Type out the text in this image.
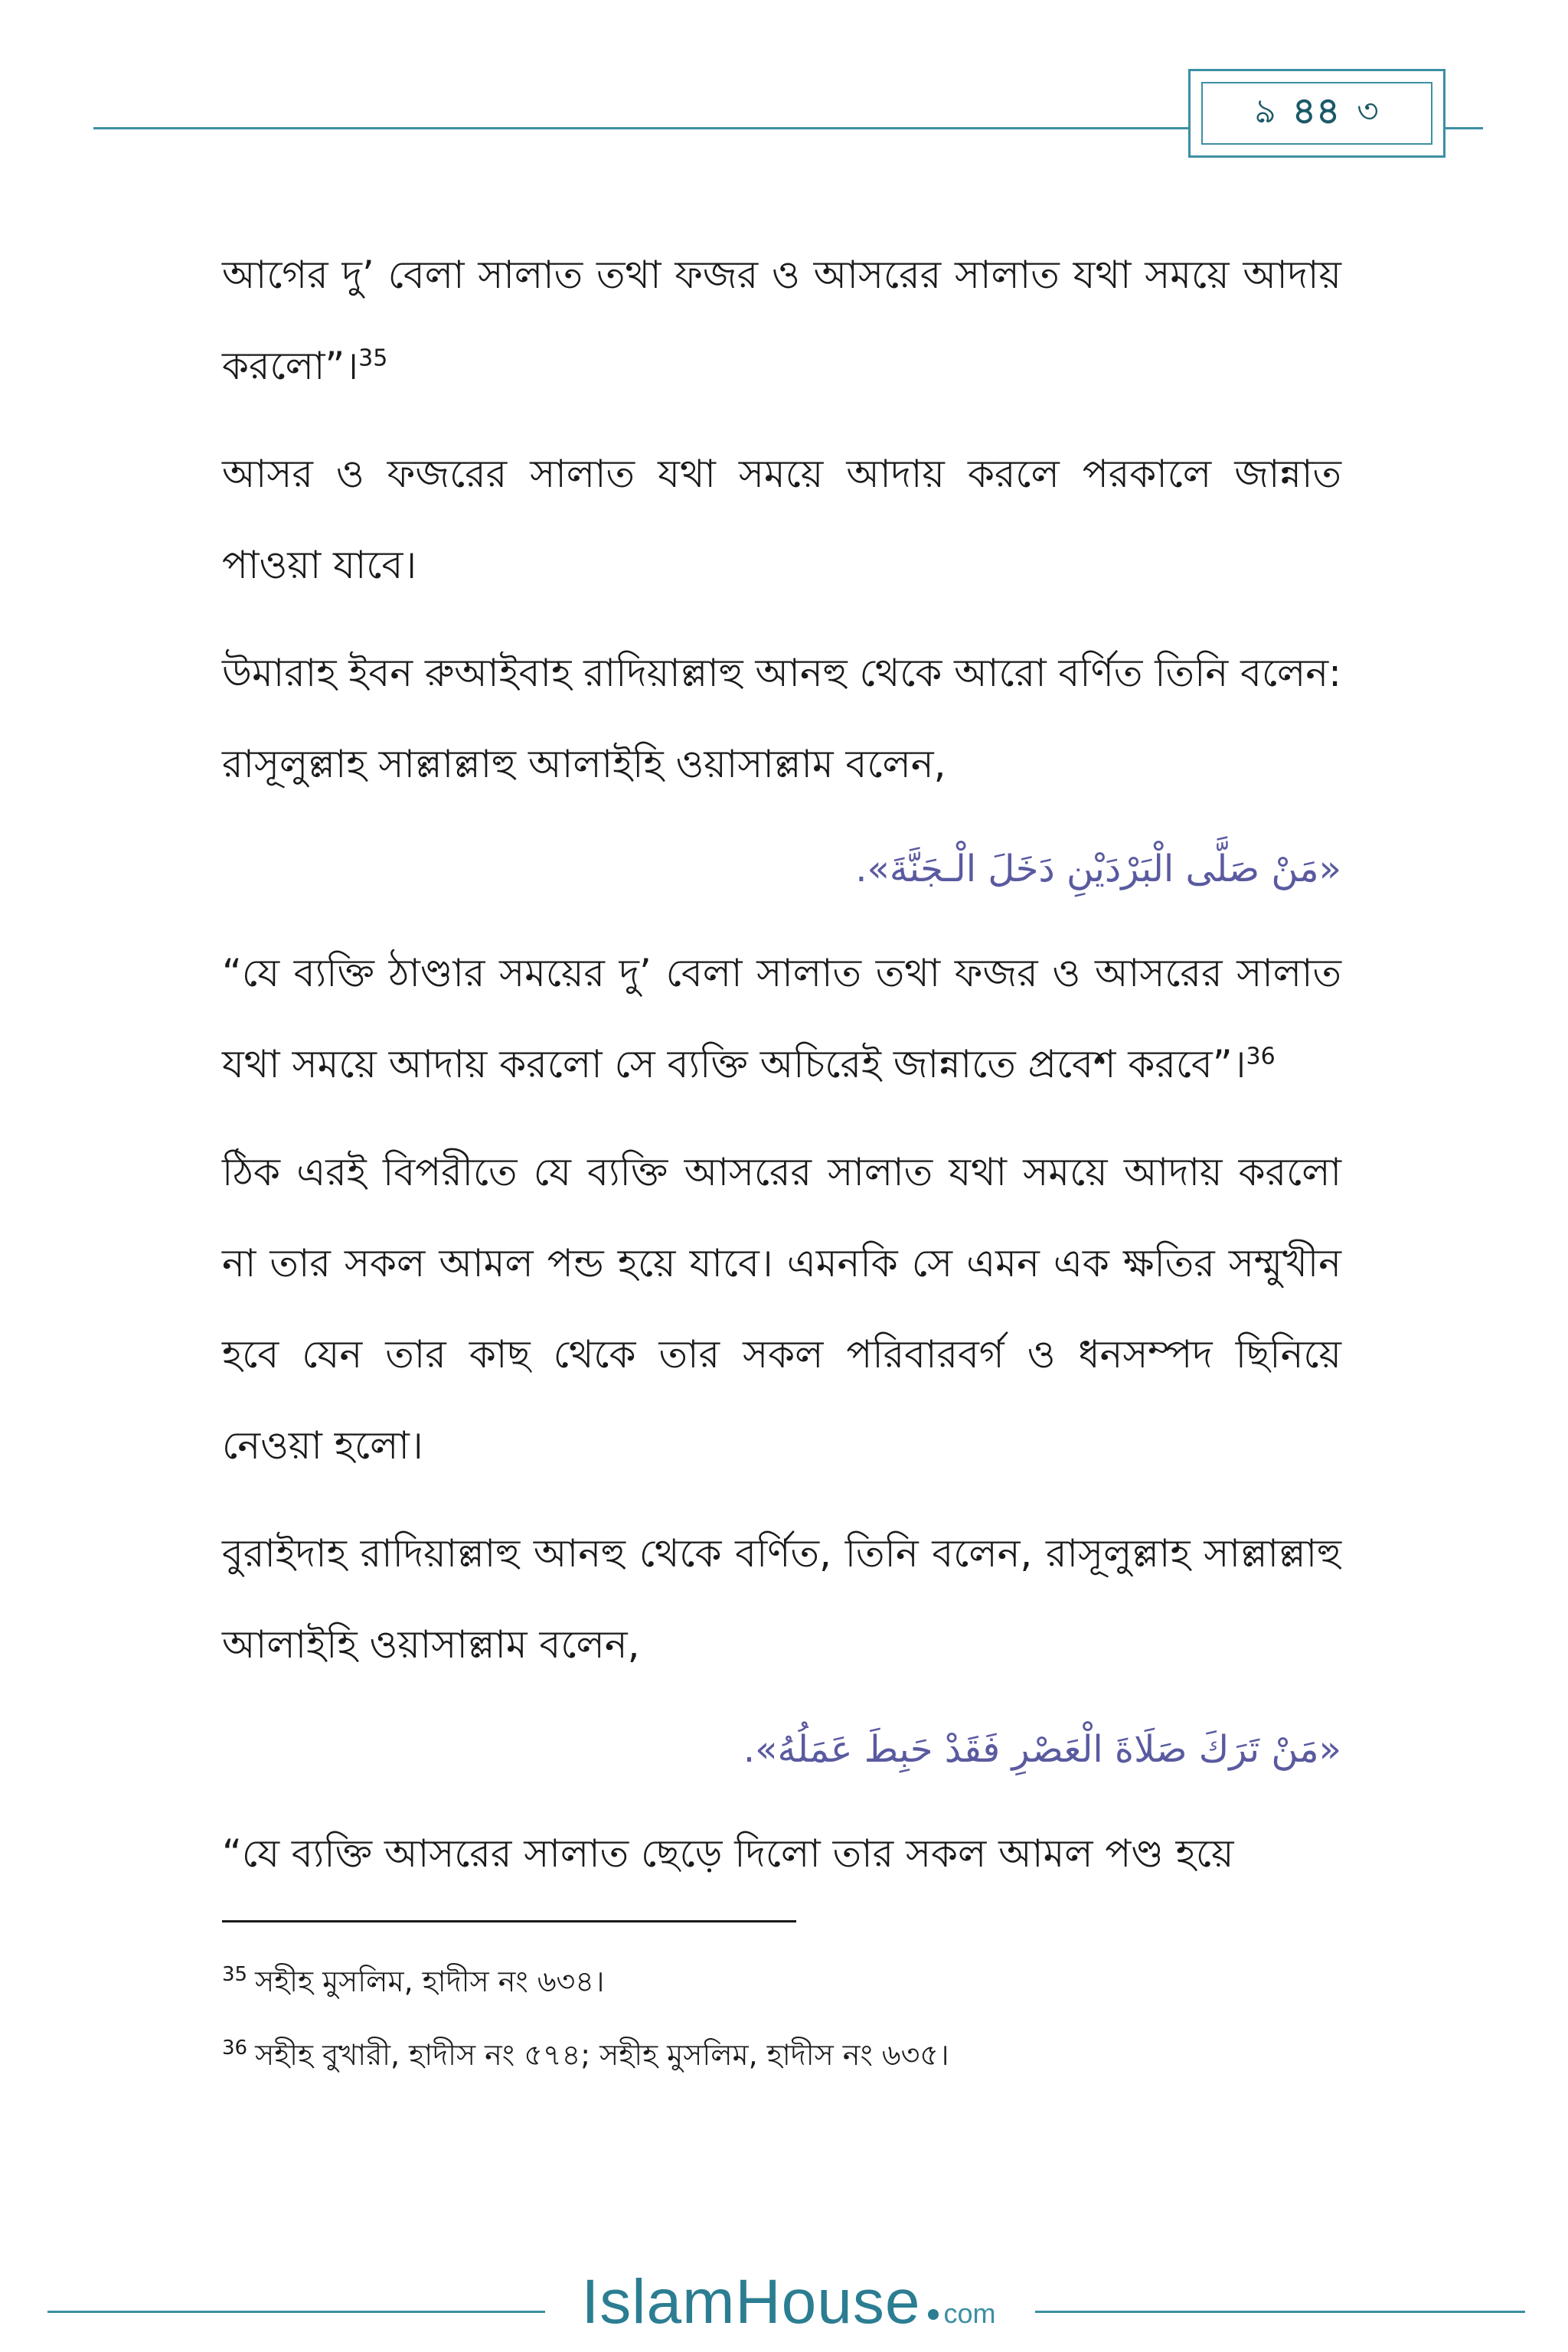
ঌ ৪৪ ৩

আগের দু’ বেলা সালাত তথা ফজর ও আসরের সালাত যথা সময়ে আদায় করলো”।$^{35}$

আসর ও ফজরের সালাত যথা সময়ে আদায় করলে পরকালে জান্নাত পাওয়া যাবে।

উমারাহ ইবন রুআইবাহ রাদিয়াল্লাহু আনহু থেকে আরো বর্ণিত তিনি বলেন: রাসূলুল্লাহ সাল্লাল্লাহু আলাইহি ওয়াসাল্লাম বলেন,

«مَنْ صَلَّى الْبَرْدَيْنِ دَخَلَ الْـجَنَّةَ».

“যে ব্যক্তি ঠাণ্ডার সময়ের দু’ বেলা সালাত তথা ফজর ও আসরের সালাত যথা সময়ে আদায় করলো সে ব্যক্তি অচিরেই জান্নাতে প্রবেশ করবে”।$^{36}$

ঠিক এরই বিপরীতে যে ব্যক্তি আসরের সালাত যথা সময়ে আদায় করলো না তার সকল আমল পন্ড হয়ে যাবে। এমনকি সে এমন এক ক্ষতির সম্মুখীন হবে যেন তার কাছ থেকে তার সকল পরিবারবর্গ ও ধনসম্পদ ছিনিয়ে নেওয়া হলো।

বুরাইদাহ রাদিয়াল্লাহু আনহু থেকে বর্ণিত, তিনি বলেন, রাসূলুল্লাহ সাল্লাল্লাহু আলাইহি ওয়াসাল্লাম বলেন,

«مَنْ تَرَكَ صَلَاةَ الْعَصْرِ فَقَدْ حَبِطَ عَمَلُهُ».

“যে ব্যক্তি আসরের সালাত ছেড়ে দিলো তার সকল আমল পণ্ড হয়ে

$^{35}$ সহীহ মুসলিম, হাদীস নং ৬৩৪।
$^{36}$ সহীহ বুখারী, হাদীস নং ৫৭৪; সহীহ মুসলিম, হাদীস নং ৬৩৫।
IslamHouse com
